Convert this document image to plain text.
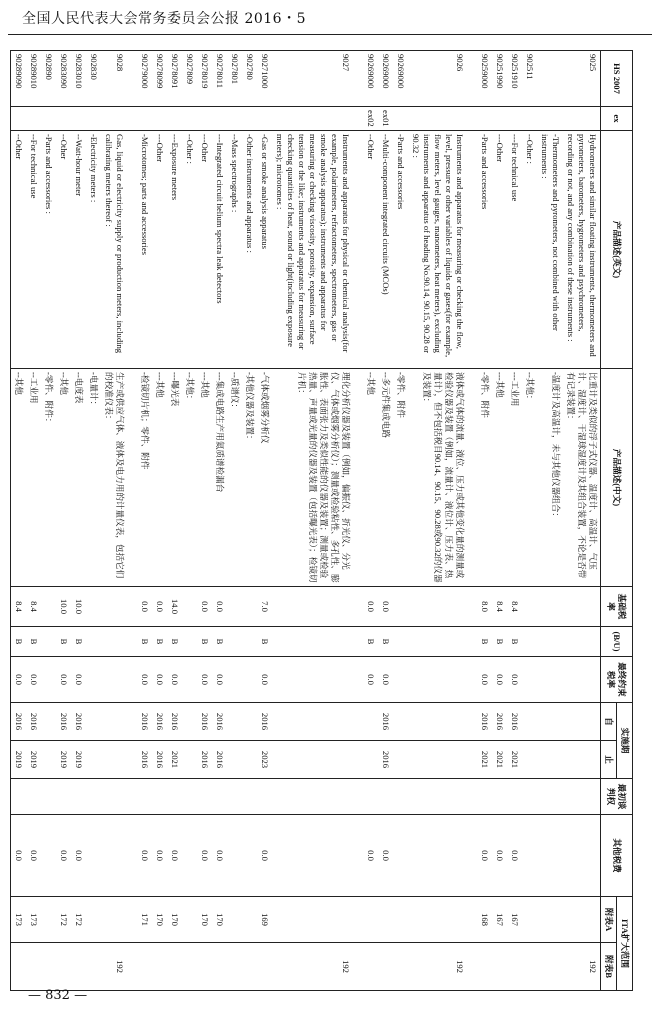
全国人民代表大会常务委员会公报 2016・5
HS 2007	ex	产品描述(英文)	产品描述(中文)	基础税率	(B/U)	最终约束税率	实施期		最初谈判权	其他税费	ITA扩大范围	
							自	止			附表A	附表B
9025		Hydrometers and similar floating instruments, thermometers and pyrometers, barometers, hygrometers and psychrometers, recording or not, and any combination of these instruments :	比重计及类似的浮子式仪器、温度计、高温计、气压计、湿度计、干湿球湿度计及其组合装置，不论是否带有记录装置：									192
		-Thermometers and pyrometers, not combined with other instruments :	-温度计及高温计，未与其他仪器组合：									
902511		--Other :	--其他：									
90251910		---For technical use	---工业用	8.4	B	0.0	2016	2021		0.0	167	
90251990		---Other	---其他	8.4	B	0.0	2016	2021		0.0	167	
90259000		-Parts and accessories	-零件、附件	8.0	B	0.0	2016	2021		0.0	168	

9026		Instruments and apparatus for measuring or checking the flow, level, pressure or other variables of liquids or gases(for example, flow meters, level gauges, manometers, heat meters), excluding instruments and apparatus of heading No.90.14, 90.15, 90.28 or 90.32 :	液体或气体的流量、液位、压力或其他变化量的测量或检验仪器及装置（例如，流量计、液位计、压力表、热量计），但不包括税目90.14、90.15、90.28或90.32的仪器及装置：									192
90269000		-Parts and accessories	-零件、附件									
90269000	ex01	--Multi-component integrated circuits (MCOs)	--多元件集成电路	0.0	B	0.0	2016	2016		0.0		
90269000	ex02	--Other	--其他	0.0	B	0.0				0.0		

9027		Instruments and apparatus for physical or chemical analysis(for example, polarimeters, refractometers, spectrometers, gas or smoke analysis apparatus); instruments and apparatus for measuring or checking viscosity, porosity, expansion, surface tension or the like; instruments and apparatus for measuring or checking quantities of heat, sound or light(including exposure meters); microtomes :	理化分析仪器及装置（例如，偏振仪、折光仪、分光仪、气体或烟雾分析仪）；测量或检验粘性、多孔性、膨胀性、表面张力及类似性能的仪器及装置；测量或检验热量、声量或光量的仪器及装置（包括曝光表）；检镜切片机：									192
90271000		-Gas or smoke analysis apparatus	-气体或烟雾分析仪	7.0	B	0.0	2016	2023		0.0	169	
902780		-Other instruments and apparatus :	-其他仪器及装置：									
9027801		--Mass spectrographs :	--质谱仪：									
90278011		---Integrated circuit helium spectra leak detectors	---集成电路生产用氦质谱检漏台	0.0	B	0.0	2016	2016		0.0	170	
90278019		---Other	---其他	0.0	B	0.0	2016	2016		0.0	170	
9027809		--Other :	--其他：									
90278091		---Exposure meters	---曝光表	14.0	B	0.0	2016	2021		0.0	170	
90278099		---Other	---其他	0.0	B	0.0	2016	2016		0.0	170	
90279000		-Microtomes; parts and accessories	-检镜切片机；零件、附件	0.0	B	0.0	2016	2016		0.0	171	

9028		Gas, liquid or electricity supply or production meters, including calibrating meters thereof :	生产或供应气体、液体及电力用的计量仪表，包括它们的校准仪表：									192
902830		-Electricity meters :	-电量计：									
90283010		--Watt-hour meter	--电度表	10.0	B	0.0	2016	2019		0.0	172	
90283090		--Other	--其他	10.0	B	0.0	2016	2019		0.0	172	
902890		-Parts and accessories :	-零件、附件：									
90289010		--For technical use	--工业用	8.4	B	0.0	2016	2019		0.0	173	
90289090		--Other	--其他	8.4	B	0.0	2016	2019		0.0	173	
— 832 —
